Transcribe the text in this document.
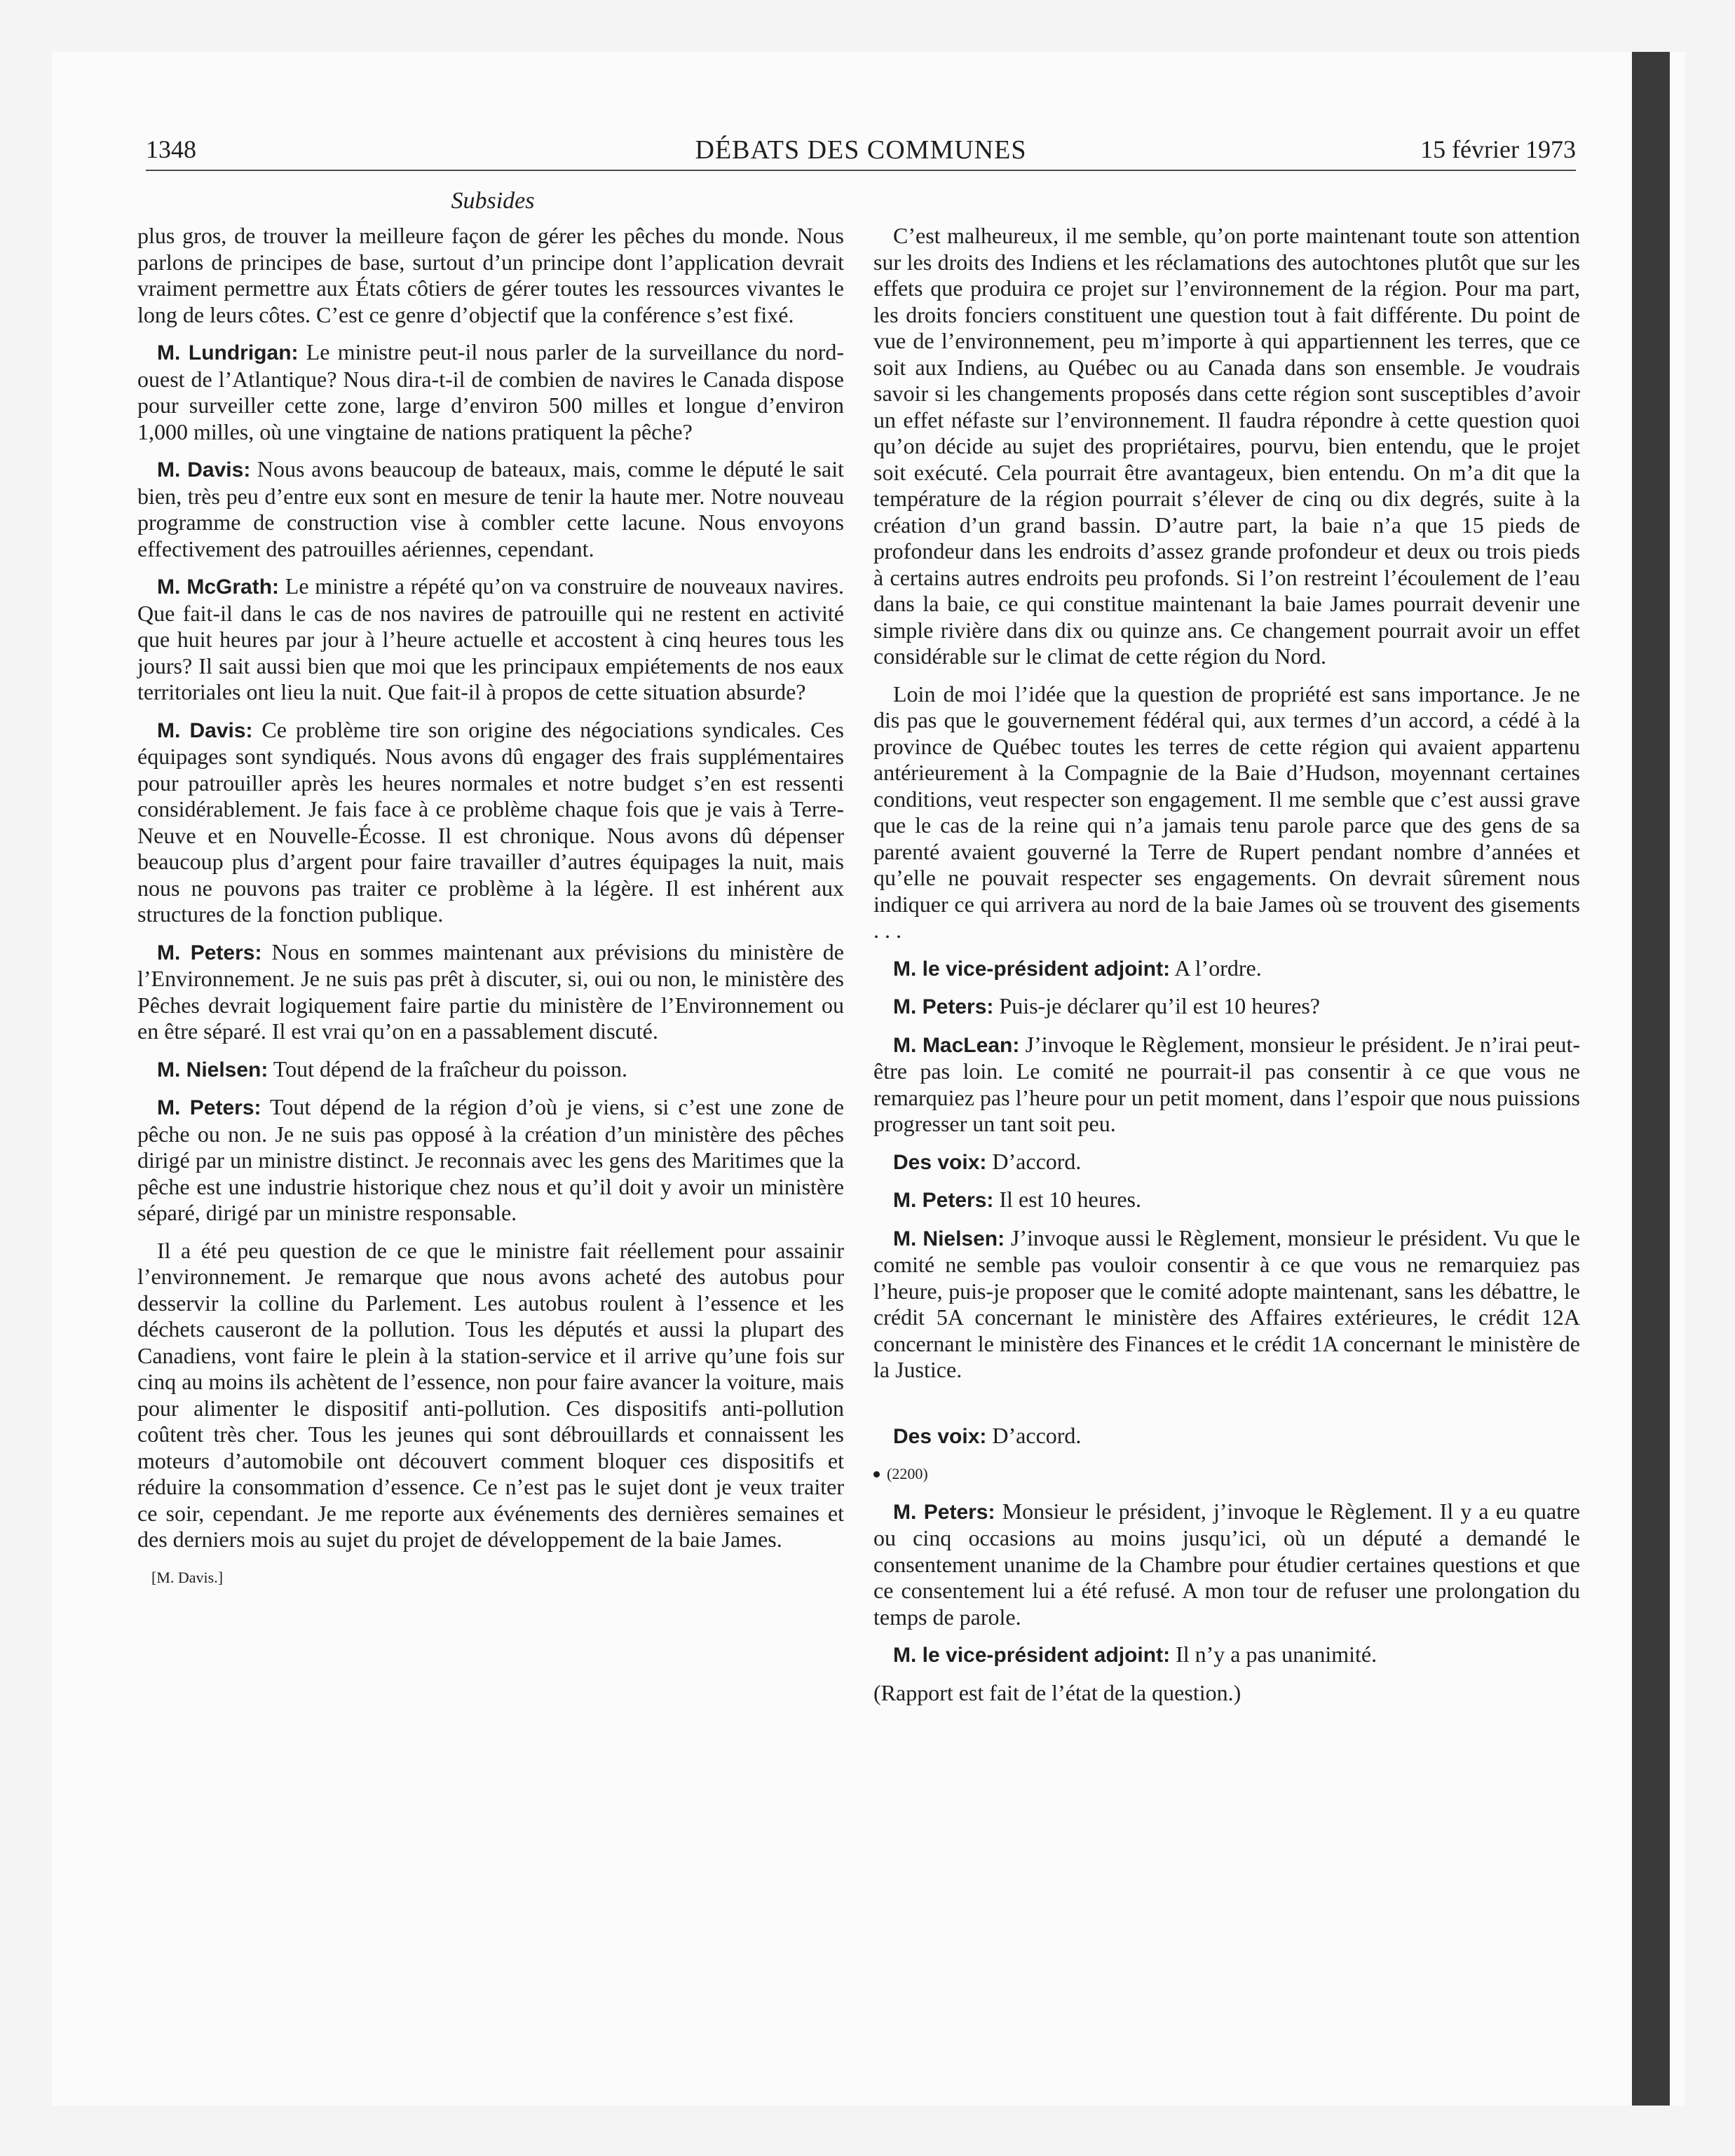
1348	DÉBATS DES COMMUNES	15 février 1973
Subsides

plus gros, de trouver la meilleure façon de gérer les pêches du monde. Nous parlons de principes de base, surtout d’un principe dont l’application devrait vraiment permettre aux États côtiers de gérer toutes les ressources vivantes le long de leurs côtes. C’est ce genre d’objectif que la conférence s’est fixé.

M. Lundrigan: Le ministre peut-il nous parler de la surveillance du nord-ouest de l’Atlantique? Nous dira-t-il de combien de navires le Canada dispose pour surveiller cette zone, large d’environ 500 milles et longue d’environ 1,000 milles, où une vingtaine de nations pratiquent la pêche?

M. Davis: Nous avons beaucoup de bateaux, mais, comme le député le sait bien, très peu d’entre eux sont en mesure de tenir la haute mer. Notre nouveau programme de construction vise à combler cette lacune. Nous envoyons effectivement des patrouilles aériennes, cependant.

M. McGrath: Le ministre a répété qu’on va construire de nouveaux navires. Que fait-il dans le cas de nos navires de patrouille qui ne restent en activité que huit heures par jour à l’heure actuelle et accostent à cinq heures tous les jours? Il sait aussi bien que moi que les principaux empiétements de nos eaux territoriales ont lieu la nuit. Que fait-il à propos de cette situation absurde?

M. Davis: Ce problème tire son origine des négociations syndicales. Ces équipages sont syndiqués. Nous avons dû engager des frais supplémentaires pour patrouiller après les heures normales et notre budget s’en est ressenti considérablement. Je fais face à ce problème chaque fois que je vais à Terre-Neuve et en Nouvelle-Écosse. Il est chronique. Nous avons dû dépenser beaucoup plus d’argent pour faire travailler d’autres équipages la nuit, mais nous ne pouvons pas traiter ce problème à la légère. Il est inhérent aux structures de la fonction publique.

M. Peters: Nous en sommes maintenant aux prévisions du ministère de l’Environnement. Je ne suis pas prêt à discuter, si, oui ou non, le ministère des Pêches devrait logiquement faire partie du ministère de l’Environnement ou en être séparé. Il est vrai qu’on en a passablement discuté.

M. Nielsen: Tout dépend de la fraîcheur du poisson.

M. Peters: Tout dépend de la région d’où je viens, si c’est une zone de pêche ou non. Je ne suis pas opposé à la création d’un ministère des pêches dirigé par un ministre distinct. Je reconnais avec les gens des Maritimes que la pêche est une industrie historique chez nous et qu’il doit y avoir un ministère séparé, dirigé par un ministre responsable.

Il a été peu question de ce que le ministre fait réellement pour assainir l’environnement. Je remarque que nous avons acheté des autobus pour desservir la colline du Parlement. Les autobus roulent à l’essence et les déchets causeront de la pollution. Tous les députés et aussi la plupart des Canadiens, vont faire le plein à la station-service et il arrive qu’une fois sur cinq au moins ils achètent de l’essence, non pour faire avancer la voiture, mais pour alimenter le dispositif anti-pollution. Ces dispositifs anti-pollution coûtent très cher. Tous les jeunes qui sont débrouillards et connaissent les moteurs d’automobile ont découvert comment bloquer ces dispositifs et réduire la consommation d’essence. Ce n’est pas le sujet dont je veux traiter ce soir, cependant. Je me reporte aux événements des dernières semaines et des derniers mois au sujet du projet de développement de la baie James.

[M. Davis.]

C’est malheureux, il me semble, qu’on porte maintenant toute son attention sur les droits des Indiens et les réclamations des autochtones plutôt que sur les effets que produira ce projet sur l’environnement de la région. Pour ma part, les droits fonciers constituent une question tout à fait différente. Du point de vue de l’environnement, peu m’importe à qui appartiennent les terres, que ce soit aux Indiens, au Québec ou au Canada dans son ensemble. Je voudrais savoir si les changements proposés dans cette région sont susceptibles d’avoir un effet néfaste sur l’environnement. Il faudra répondre à cette question quoi qu’on décide au sujet des propriétaires, pourvu, bien entendu, que le projet soit exécuté. Cela pourrait être avantageux, bien entendu. On m’a dit que la température de la région pourrait s’élever de cinq ou dix degrés, suite à la création d’un grand bassin. D’autre part, la baie n’a que 15 pieds de profondeur dans les endroits d’assez grande profondeur et deux ou trois pieds à certains autres endroits peu profonds. Si l’on restreint l’écoulement de l’eau dans la baie, ce qui constitue maintenant la baie James pourrait devenir une simple rivière dans dix ou quinze ans. Ce changement pourrait avoir un effet considérable sur le climat de cette région du Nord.

Loin de moi l’idée que la question de propriété est sans importance. Je ne dis pas que le gouvernement fédéral qui, aux termes d’un accord, a cédé à la province de Québec toutes les terres de cette région qui avaient appartenu antérieurement à la Compagnie de la Baie d’Hudson, moyennant certaines conditions, veut respecter son engagement. Il me semble que c’est aussi grave que le cas de la reine qui n’a jamais tenu parole parce que des gens de sa parenté avaient gouverné la Terre de Rupert pendant nombre d’années et qu’elle ne pouvait respecter ses engagements. On devrait sûrement nous indiquer ce qui arrivera au nord de la baie James où se trouvent des gisements . . .

M. le vice-président adjoint: A l’ordre.

M. Peters: Puis-je déclarer qu’il est 10 heures?

M. MacLean: J’invoque le Règlement, monsieur le président. Je n’irai peut-être pas loin. Le comité ne pourrait-il pas consentir à ce que vous ne remarquiez pas l’heure pour un petit moment, dans l’espoir que nous puissions progresser un tant soit peu.

Des voix: D’accord.

M. Peters: Il est 10 heures.

M. Nielsen: J’invoque aussi le Règlement, monsieur le président. Vu que le comité ne semble pas vouloir consentir à ce que vous ne remarquiez pas l’heure, puis-je proposer que le comité adopte maintenant, sans les débattre, le crédit 5A concernant le ministère des Affaires extérieures, le crédit 12A concernant le ministère des Finances et le crédit 1A concernant le ministère de la Justice.

Des voix: D’accord.

(2200)

M. Peters: Monsieur le président, j’invoque le Règlement. Il y a eu quatre ou cinq occasions au moins jusqu’ici, où un député a demandé le consentement unanime de la Chambre pour étudier certaines questions et que ce consentement lui a été refusé. A mon tour de refuser une prolongation du temps de parole.

M. le vice-président adjoint: Il n’y a pas unanimité.

(Rapport est fait de l’état de la question.)
